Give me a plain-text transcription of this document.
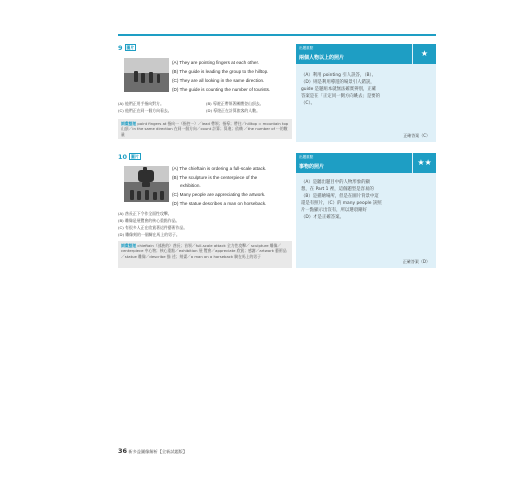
9 $^{圖片}$
(A) They are pointing fingers at each other.
(B) The guide is leading the group to the hilltop.
(C) They are all looking in the same direction.
(D) The guide is counting the number of tourists.
(A) 他們正用手指向對方。	(B) 導遊正帶領著團體登山頂去。
(C) 他們正在同一個方向看去。	(D) 導遊正在計算旅客的人數。
詞彙整理 point fingers at 指向⋯（指控⋯）／lead 帶領；指導；帶往／hilltop = mountain top 山頂／in the same direction 在同一個方向／count 計算；算進；依賴 ／the number of ⋯的數量
出題重點
兩個人物以上的照片	★
（A）利用 pointing 引人誤答，（B）、
（D）則是利用導遊的場景引人錯誤，
guide 是題組本就無法確實辨別，正確
答案是在「正定同一側方向眺去」是要的
（C）。
正確答案（C）
10 $^{圖片}$
(A) The chieftain is ordering a full-scale attack.
(B) The sculpture is the centerpiece of the
exhibition.
(C) Many people are appreciating the artwork.
(D) The statue describes a man on horseback.
(A) 酋長正下令作全面性攻擊。
(B) 雕像是展覽會的核心重點作品。
(C) 有很多人正在欣賞著這件藝術作品。
(D) 雕像刻的一個騎在馬上的男子。
詞彙整理 chieftain（部族的）酋長；首領／full-scale attack 全力性攻擊／ sculpture 雕像／centerpiece 中心物；核心重點／exhibition 展 覽會／appreciate 欣賞；感謝／artwork 藝術品／statue 雕像／describe 描 述；刻畫／a man on a horseback 騎在馬上的男子
出題重點
事物的照片	★★
（A）是聽出題目中的人物形象的顯
想，在 Part 1 裡，這個題型是容易的
（B）是描繪場所，但是在圖片背景中這
還是有照片，（C）的 many people 該照
片一點顯示出沒有，所以選項剛好
（D）才是正確答案。
正確答案（D）
36 新多益圖像解析【全新試題版】
